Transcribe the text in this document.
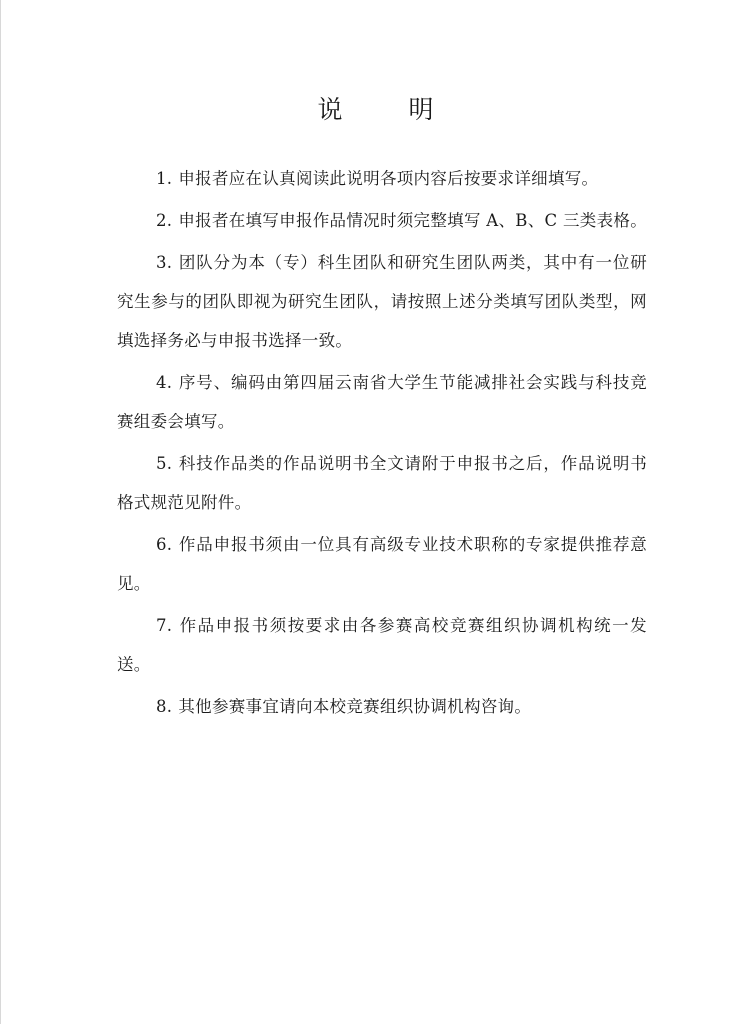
说明

1. 申报者应在认真阅读此说明各项内容后按要求详细填写。

2. 申报者在填写申报作品情况时须完整填写 A、B、C 三类表格。

3. 团队分为本（专）科生团队和研究生团队两类，其中有一位研究生参与的团队即视为研究生团队，请按照上述分类填写团队类型，网填选择务必与申报书选择一致。

4. 序号、编码由第四届云南省大学生节能减排社会实践与科技竞赛组委会填写。

5. 科技作品类的作品说明书全文请附于申报书之后，作品说明书格式规范见附件。

6. 作品申报书须由一位具有高级专业技术职称的专家提供推荐意见。

7. 作品申报书须按要求由各参赛高校竞赛组织协调机构统一发送。

8. 其他参赛事宜请向本校竞赛组织协调机构咨询。
